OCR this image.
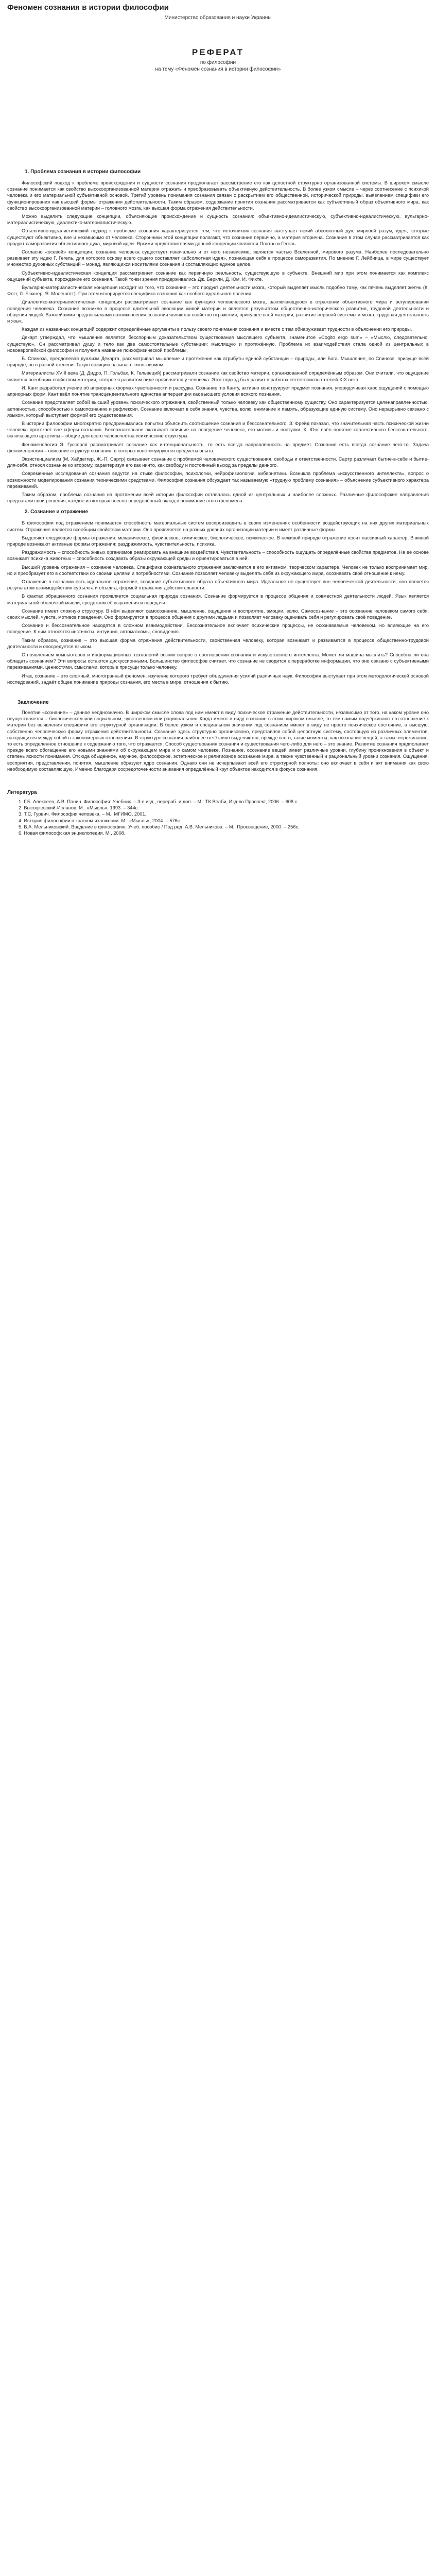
Феномен сознания в истории философии
Министерство образования и науки Украины
РЕФЕРАТ
по философии
на тему «Феномен сознания в истории философии»
1. Проблема сознания в истории философии

Философский подход к проблеме происхождения и сущности сознания предполагает рассмотрение его как целостной структурно организованной системы. В широком смысле сознание понимается как свойство высокоорганизованной материи отражать и преобразовывать объективную действительность. В более узком смысле – через соотнесение с психикой человека и его материальной субъективной основой. Третий уровень понимания сознания связан с раскрытием его общественной, исторической природы, выявлением специфики его функционирования как высшей формы отражения действительности. Таким образом, содержание понятия сознания рассматривается как субъективный образ объективного мира, как свойство высокоорганизованной материи – головного мозга, как высшая форма отражения действительности.

Можно выделить следующие концепции, объясняющие происхождение и сущность сознания: объективно-идеалистическую, субъективно-идеалистическую, вульгарно-материалистическую, диалектико-материалистическую.

Объективно-идеалистический подход к проблеме сознания характеризуется тем, что источником сознания выступает некий абсолютный дух, мировой разум, идея, которые существуют объективно, вне и независимо от человека. Сторонники этой концепции полагают, что сознание первично, а материя вторична. Сознание в этом случае рассматривается как продукт саморазвития объективного духа, мировой идеи. Яркими представителями данной концепции являются Платон и Гегель.

Согласно «осевой» концепции, сознание человека существует изначально и от него независимо, является частью Вселенной, мирового разума. Наиболее последовательно развивает эту идею Г. Гегель, для которого основу всего сущего составляет «абсолютная идея», познающая себя в процессе саморазвития. По мнению Г. Лейбница, в мире существует множество духовных субстанций – монад, являющихся носителями сознания и составляющих единое целое.

Субъективно-идеалистическая концепция рассматривает сознание как первичную реальность, существующую в субъекте. Внешний мир при этом понимается как комплекс ощущений субъекта, порождение его сознания. Такой точки зрения придерживались Дж. Беркли, Д. Юм, И. Фихте.

Вульгарно-материалистическая концепция исходит из того, что сознание – это продукт деятельности мозга, который выделяет мысль подобно тому, как печень выделяет желчь (К. Фогт, Л. Бюхнер, Я. Молешотт). При этом игнорируется специфика сознания как особого идеального явления.

Диалектико-материалистическая концепция рассматривает сознание как функцию человеческого мозга, заключающуюся в отражении объективного мира и регулировании поведения человека. Сознание возникло в процессе длительной эволюции живой материи и является результатом общественно-исторического развития, трудовой деятельности и общения людей. Важнейшими предпосылками возникновения сознания являются свойство отражения, присущее всей материи, развитие нервной системы и мозга, трудовая деятельность и язык.

Каждая из названных концепций содержит определённые аргументы в пользу своего понимания сознания и вместе с тем обнаруживает трудности в объяснении его природы.

Декарт утверждал, что мышление является бесспорным доказательством существования мыслящего субъекта, знаменитое «Cogito ergo sum» – «Мыслю, следовательно, существую». Он рассматривал душу и тело как две самостоятельные субстанции: мыслящую и протяжённую. Проблема их взаимодействия стала одной из центральных в новоевропейской философии и получила название психофизической проблемы.

Б. Спиноза, преодолевая дуализм Декарта, рассматривал мышление и протяжение как атрибуты единой субстанции – природы, или Бога. Мышление, по Спинозе, присуще всей природе, но в разной степени. Такую позицию называют гилозоизмом.

Материалисты XVIII века (Д. Дидро, П. Гольбах, К. Гельвеций) рассматривали сознание как свойство материи, организованной определённым образом. Они считали, что ощущение является всеобщим свойством материи, которое в развитом виде проявляется у человека. Этот подход был развит в работах естествоиспытателей XIX века.

И. Кант разработал учение об априорных формах чувственности и рассудка. Сознание, по Канту, активно конструирует предмет познания, упорядочивая хаос ощущений с помощью априорных форм. Кант ввёл понятие трансцендентального единства апперцепции как высшего условия всякого познания.

Сознание представляет собой высший уровень психического отражения, свойственный только человеку как общественному существу. Оно характеризуется целенаправленностью, активностью, способностью к самопознанию и рефлексии. Сознание включает в себя знания, чувства, волю, внимание и память, образующие единую систему. Оно неразрывно связано с языком, который выступает формой его существования.

В истории философии многократно предпринимались попытки объяснить соотношение сознания и бессознательного. З. Фрейд показал, что значительная часть психической жизни человека протекает вне сферы сознания. Бессознательное оказывает влияние на поведение человека, его мотивы и поступки. К. Юнг ввёл понятие коллективного бессознательного, включающего архетипы – общие для всего человечества психические структуры.

Феноменология Э. Гуссерля рассматривает сознание как интенциональность, то есть всегда направленность на предмет. Сознание есть всегда сознание чего-то. Задача феноменологии – описание структур сознания, в которых конституируются предметы опыта.

Экзистенциализм (М. Хайдеггер, Ж.-П. Сартр) связывает сознание с проблемой человеческого существования, свободы и ответственности. Сартр различает бытие-в-себе и бытие-для-себя, относя сознание ко второму, характеризуя его как ничто, как свободу и постоянный выход за пределы данного.

Современные исследования сознания ведутся на стыке философии, психологии, нейрофизиологии, кибернетики. Возникла проблема «искусственного интеллекта», вопрос о возможности моделирования сознания техническими средствами. Философия сознания обсуждает так называемую «трудную проблему сознания» – объяснение субъективного характера переживаний.

Таким образом, проблема сознания на протяжении всей истории философии оставалась одной из центральных и наиболее сложных. Различные философские направления предлагали свои решения, каждое из которых внесло определённый вклад в понимание этого феномена.

2. Сознание и отражение

В философии под отражением понимается способность материальных систем воспроизводить в своих изменениях особенности воздействующих на них других материальных систем. Отражение является всеобщим свойством материи. Оно проявляется на разных уровнях организации материи и имеет различные формы.

Выделяют следующие формы отражения: механическое, физическое, химическое, биологическое, психическое. В неживой природе отражение носит пассивный характер. В живой природе возникают активные формы отражения: раздражимость, чувствительность, психика.

Раздражимость – способность живых организмов реагировать на внешние воздействия. Чувствительность – способность ощущать определённые свойства предметов. На её основе возникает психика животных – способность создавать образы окружающей среды и ориентироваться в ней.

Высший уровень отражения – сознание человека. Специфика сознательного отражения заключается в его активном, творческом характере. Человек не только воспринимает мир, но и преобразует его в соответствии со своими целями и потребностями. Сознание позволяет человеку выделять себя из окружающего мира, осознавать своё отношение к нему.

Отражение в сознании есть идеальное отражение, создание субъективного образа объективного мира. Идеальное не существует вне человеческой деятельности, оно является результатом взаимодействия субъекта и объекта, формой отражения действительности.

В фактах обращённого сознания проявляется социальная природа сознания. Сознание формируется в процессе общения и совместной деятельности людей. Язык является материальной оболочкой мысли, средством её выражения и передачи.

Сознание имеет сложную структуру. В нём выделяют самосознание, мышление, ощущения и восприятие, эмоции, волю. Самосознание – это осознание человеком самого себя, своих мыслей, чувств, мотивов поведения. Оно формируется в процессе общения с другими людьми и позволяет человеку оценивать себя и регулировать своё поведение.

Сознание и бессознательное находятся в сложном взаимодействии. Бессознательное включает психические процессы, не осознаваемые человеком, но влияющие на его поведение. К ним относятся инстинкты, интуиция, автоматизмы, сновидения.

Таким образом, сознание – это высшая форма отражения действительности, свойственная человеку, которая возникает и развивается в процессе общественно-трудовой деятельности и опосредуется языком.

С появлением компьютеров и информационных технологий возник вопрос о соотношении сознания и искусственного интеллекта. Может ли машина мыслить? Способна ли она обладать сознанием? Эти вопросы остаются дискуссионными. Большинство философов считает, что сознание не сводится к переработке информации, что оно связано с субъективными переживаниями, ценностями, смыслами, которые присущи только человеку.

Итак, сознание – это сложный, многогранный феномен, изучение которого требует объединения усилий различных наук. Философия выступает при этом методологической основой исследований, задаёт общее понимание природы сознания, его места в мире, отношения к бытию.

Заключение

Понятие «сознание» – данное неоднозначно. В широком смысле слова под ним имеют в виду психическое отражение действительности, независимо от того, на каком уровне оно осуществляется – биологическом или социальном, чувственном или рациональном. Когда имеют в виду сознание в этом широком смысле, то тем самым подчёркивают его отношение к материи без выявления специфики его структурной организации. В более узком и специальном значении под сознанием имеют в виду не просто психическое состояние, а высшую, собственно человеческую форму отражения действительности. Сознание здесь структурно организовано, представляя собой целостную систему, состоящую из различных элементов, находящихся между собой в закономерных отношениях. В структуре сознания наиболее отчётливо выделяются, прежде всего, такие моменты, как осознание вещей, а также переживание, то есть определённое отношение к содержанию того, что отражается. Способ существования сознания и существования чего-либо для него – это знание. Развитие сознания предполагает прежде всего обогащение его новыми знаниями об окружающем мире и о самом человеке. Познание, осознание вещей имеет различные уровни, глубину проникновения в объект и степень ясности понимания. Отсюда обыденное, научное, философское, эстетическое и религиозное осознание мира, а также чувственный и рациональный уровни сознания. Ощущения, восприятия, представления, понятия, мышление образуют ядро сознания. Однако они не исчерпывают всей его структурной полноты: оно включает в себя и акт внимания как свою необходимую составляющую. Именно благодаря сосредоточенности внимания определённый круг объектов находится в фокусе сознания.

Литература
1. Г.Б. Алексеев, А.В. Панин. Философия: Учебник. – 3-е изд., перераб. и доп. – М.: ТК Велби, Изд-во Проспект, 2006. – 608 с.
2. Высоцкевский-Исланов. М.: «Мысль», 1993. – 344с.
3. Т.С. Гурвич. Философия человека. – М.: МГИМО, 2001.
4. История философии в кратком изложении. М.: «Мысль», 2004. – 576с.
5. В.А. Мельниковский. Введение в философию. Учеб. пособие / Под ред. А.В. Мельникова. – М.: Просвещение, 2000. – 256с.
6. Новая философская энциклопедия. М., 2008.
